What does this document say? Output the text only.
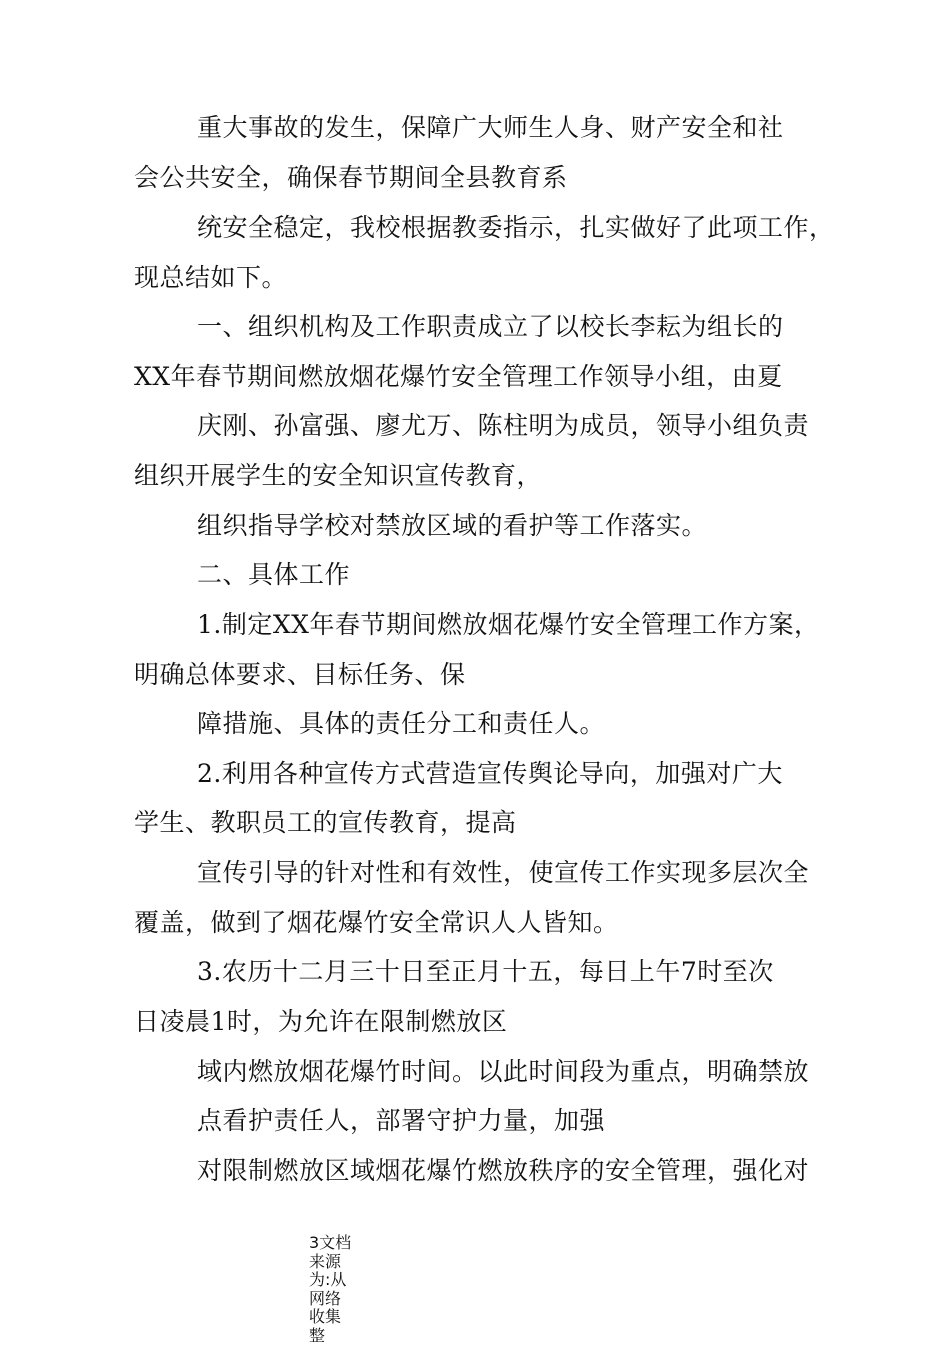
重大事故的发生，保障广大师生人身、财产安全和社
会公共安全，确保春节期间全县教育系
统安全稳定，我校根据教委指示，扎实做好了此项工作，
现总结如下。
一、组织机构及工作职责成立了以校长李耘为组长的
XX年春节期间燃放烟花爆竹安全管理工作领导小组，由夏
庆刚、孙富强、廖尤万、陈柱明为成员，领导小组负责
组织开展学生的安全知识宣传教育，
组织指导学校对禁放区域的看护等工作落实。
二、具体工作
1.制定XX年春节期间燃放烟花爆竹安全管理工作方案，
明确总体要求、目标任务、保
障措施、具体的责任分工和责任人。
2.利用各种宣传方式营造宣传舆论导向，加强对广大
学生、教职员工的宣传教育，提高
宣传引导的针对性和有效性，使宣传工作实现多层次全
覆盖，做到了烟花爆竹安全常识人人皆知。
3.农历十二月三十日至正月十五，每日上午7时至次
日凌晨1时，为允许在限制燃放区
域内燃放烟花爆竹时间。以此时间段为重点，明确禁放
点看护责任人，部署守护力量，加强
对限制燃放区域烟花爆竹燃放秩序的安全管理，强化对
3文档来源为:从网络收集整
